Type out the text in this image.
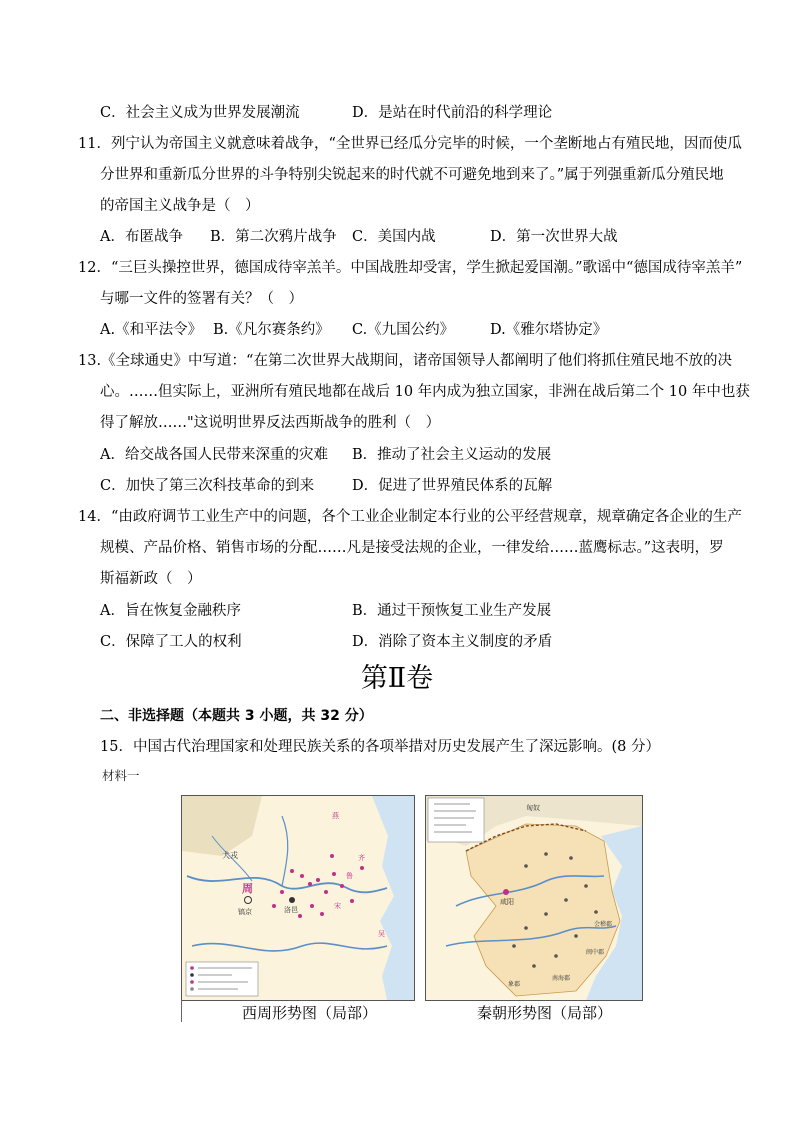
C．社会主义成为世界发展潮流	D．是站在时代前沿的科学理论
11．列宁认为帝国主义就意味着战争，“全世界已经瓜分完毕的时候，一个垄断地占有殖民地，因而使瓜
分世界和重新瓜分世界的斗争特别尖锐起来的时代就不可避免地到来了。”属于列强重新瓜分殖民地
的帝国主义战争是（　）
A．布匿战争 B．第二次鸦片战争 C．美国内战	D．第一次世界大战
12．“三巨头操控世界，德国成待宰羔羊。中国战胜却受害，学生掀起爱国潮。”歌谣中“德国成待宰羔羊”
与哪一文件的签署有关？（　）
A.《和平法令》 B.《凡尔赛条约》 C.《九国公约》 D.《雅尔塔协定》
13.《全球通史》中写道：“在第二次世界大战期间，诸帝国领导人都阐明了他们将抓住殖民地不放的决
心。……但实际上，亚洲所有殖民地都在战后 10 年内成为独立国家，非洲在战后第二个 10 年中也获
得了解放……"这说明世界反法西斯战争的胜利（　）
A．给交战各国人民带来深重的灾难 B．推动了社会主义运动的发展
C．加快了第三次科技革命的到来	D．促进了世界殖民体系的瓦解
14．“由政府调节工业生产中的问题，各个工业企业制定本行业的公平经营规章，规章确定各企业的生产
规模、产品价格、销售市场的分配……凡是接受法规的企业，一律发给……蓝鹰标志。”这表明，罗
斯福新政（　）
A．旨在恢复金融秩序	B．通过干预恢复工业生产发展
C．保障了工人的权利	D．消除了资本主义制度的矛盾
第Ⅱ卷
二、非选择题（本题共 3 小题，共 32 分）
15．中国古代治理国家和处理民族关系的各项举措对历史发展产生了深远影响。(8 分）
材料一
犬戎
周
镐京	洛邑
燕
齐
鲁
宋
吴
匈奴
咸阳
会稽郡
南海郡
象郡
闽中郡
西周形势图（局部）	秦朝形势图（局部）
